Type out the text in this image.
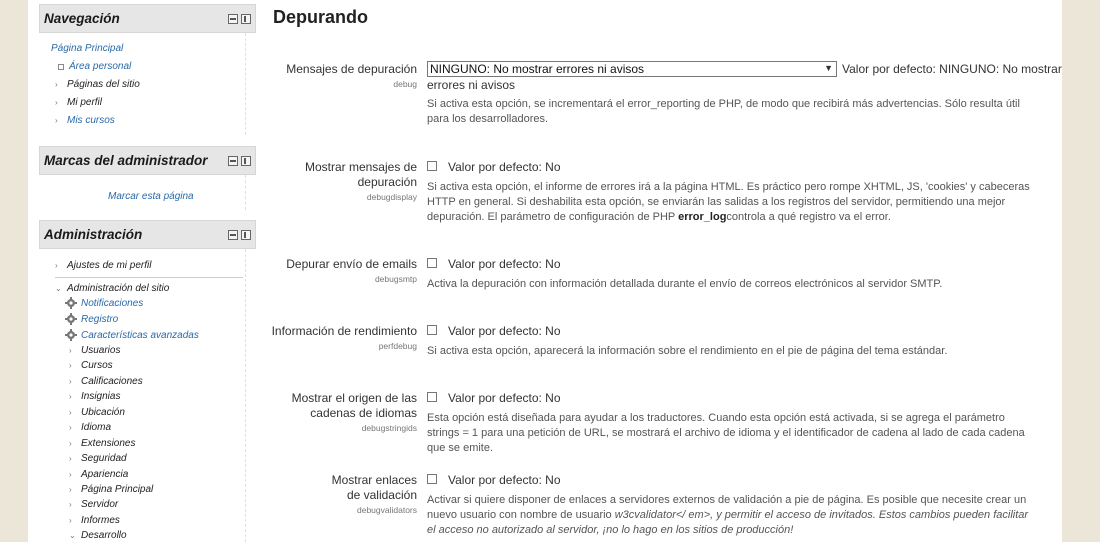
Navegación
Página Principal
Área personal
› Páginas del sitio
› Mi perfil
› Mis cursos
Marcas del administrador
Marcar esta página
Administración
› Ajustes de mi perfil
⌄ Administración del sitio
Notificaciones
Registro
Características avanzadas
› Usuarios
› Cursos
› Calificaciones
› Insignias
› Ubicación
› Idioma
› Extensiones
› Seguridad
› Apariencia
› Página Principal
› Servidor
› Informes
⌄ Desarrollo
Depurando
Mensajes de depuración
debug
NINGUNO: No mostrar errores ni avisos	▼ Valor por defecto: NINGUNO: No mostrar
errores ni avisos
Si activa esta opción, se incrementará el error_reporting de PHP, de modo que recibirá más advertencias. Sólo resulta útil para los desarrolladores.
Mostrar mensajes de depuración
debugdisplay
Valor por defecto: No
Si activa esta opción, el informe de errores irá a la página HTML. Es práctico pero rompe XHTML, JS, 'cookies' y cabeceras HTTP en general. Si deshabilita esta opción, se enviarán las salidas a los registros del servidor, permitiendo una mejor depuración. El parámetro de configuración de PHP error_logcontrola a qué registro va el error.
Depurar envío de emails
debugsmtp
Valor por defecto: No
Activa la depuración con información detallada durante el envío de correos electrónicos al servidor SMTP.
Información de rendimiento
perfdebug
Valor por defecto: No
Si activa esta opción, aparecerá la información sobre el rendimiento en el pie de página del tema estándar.
Mostrar el origen de las cadenas de idiomas
debugstringids
Valor por defecto: No
Esta opción está diseñada para ayudar a los traductores. Cuando esta opción está activada, si se agrega el parámetro strings = 1 para una petición de URL, se mostrará el archivo de idioma y el identificador de cadena al lado de cada cadena que se emite.
Mostrar enlaces de validación
debugvalidators
Valor por defecto: No
Activar si quiere disponer de enlaces a servidores externos de validación a pie de página. Es posible que necesite crear un nuevo usuario con nombre de usuario w3cvalidator</ em>, y permitir el acceso de invitados. Estos cambios pueden facilitar el acceso no autorizado al servidor, ¡no lo hago en los sitios de producción!
